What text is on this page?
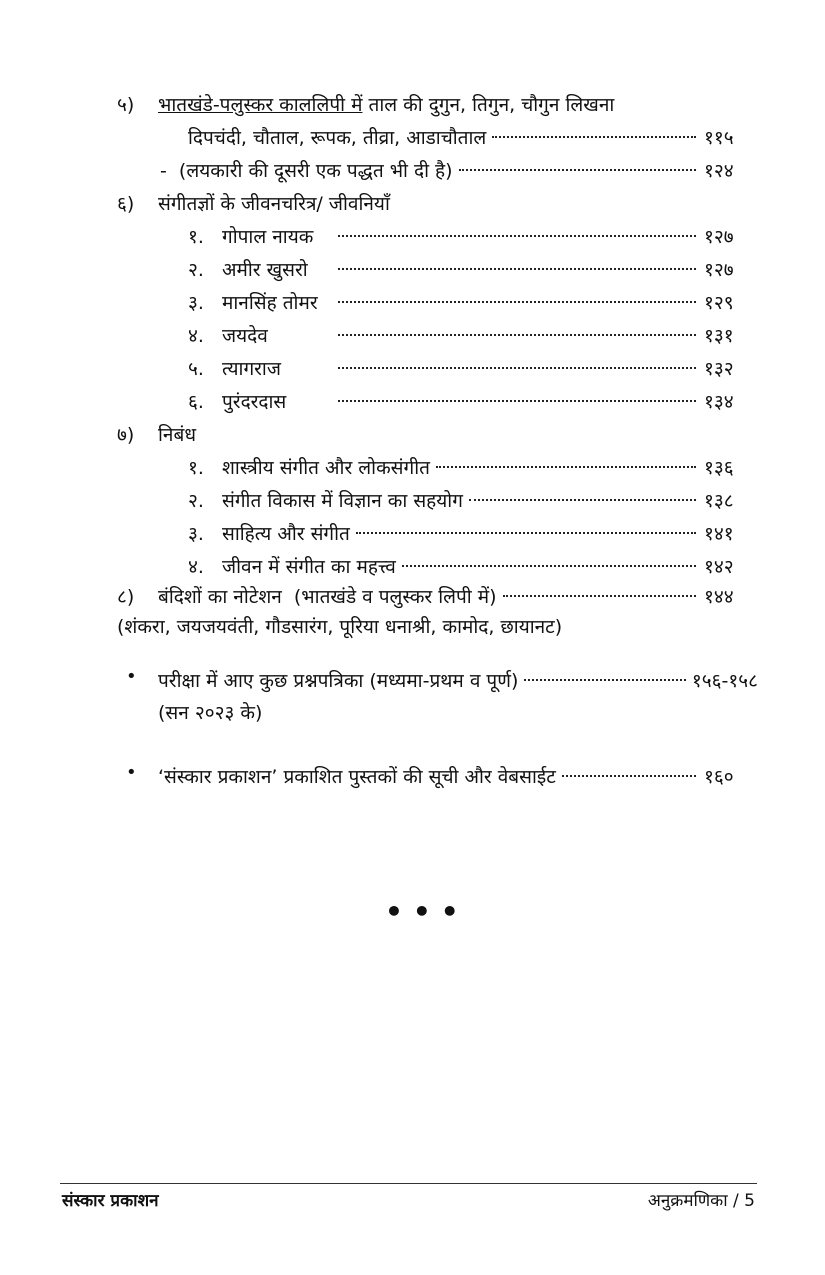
५)	भातखंडे-पलुस्कर काललिपी में ताल की दुगुन, तिगुन, चौगुन लिखना
दिपचंदी, चौताल, रूपक, तीव्रा, आडाचौताल	११५
-  (लयकारी की दूसरी एक पद्धत भी दी है)	१२४
६)	संगीतज्ञों के जीवनचरित्र/ जीवनियाँ
१. गोपाल नायक	१२७
२. अमीर खुसरो	१२७
३. मानसिंह तोमर	१२९
४. जयदेव	१३१
५. त्यागराज	१३२
६. पुरंदरदास	१३४
७)	निबंध
१. शास्त्रीय संगीत और लोकसंगीत	१३६
२. संगीत विकास में विज्ञान का सहयोग	१३८
३. साहित्य और संगीत	१४१
४. जीवन में संगीत का महत्त्व	१४२
८)	बंदिशों का नोटेशन  (भातखंडे व पलुस्कर लिपी में)	१४४
(शंकरा, जयजयवंती, गौडसारंग, पूरिया धनाश्री, कामोद, छायानट)
• परीक्षा में आए कुछ प्रश्नपत्रिका (मध्यमा-प्रथम व पूर्ण)	१५६-१५८
(सन २०२३ के)
• ‘संस्कार प्रकाशन’ प्रकाशित पुस्तकों की सूची और वेबसाईट	१६०
•••
संस्कार प्रकाशन	अनुक्रमणिका / 5
